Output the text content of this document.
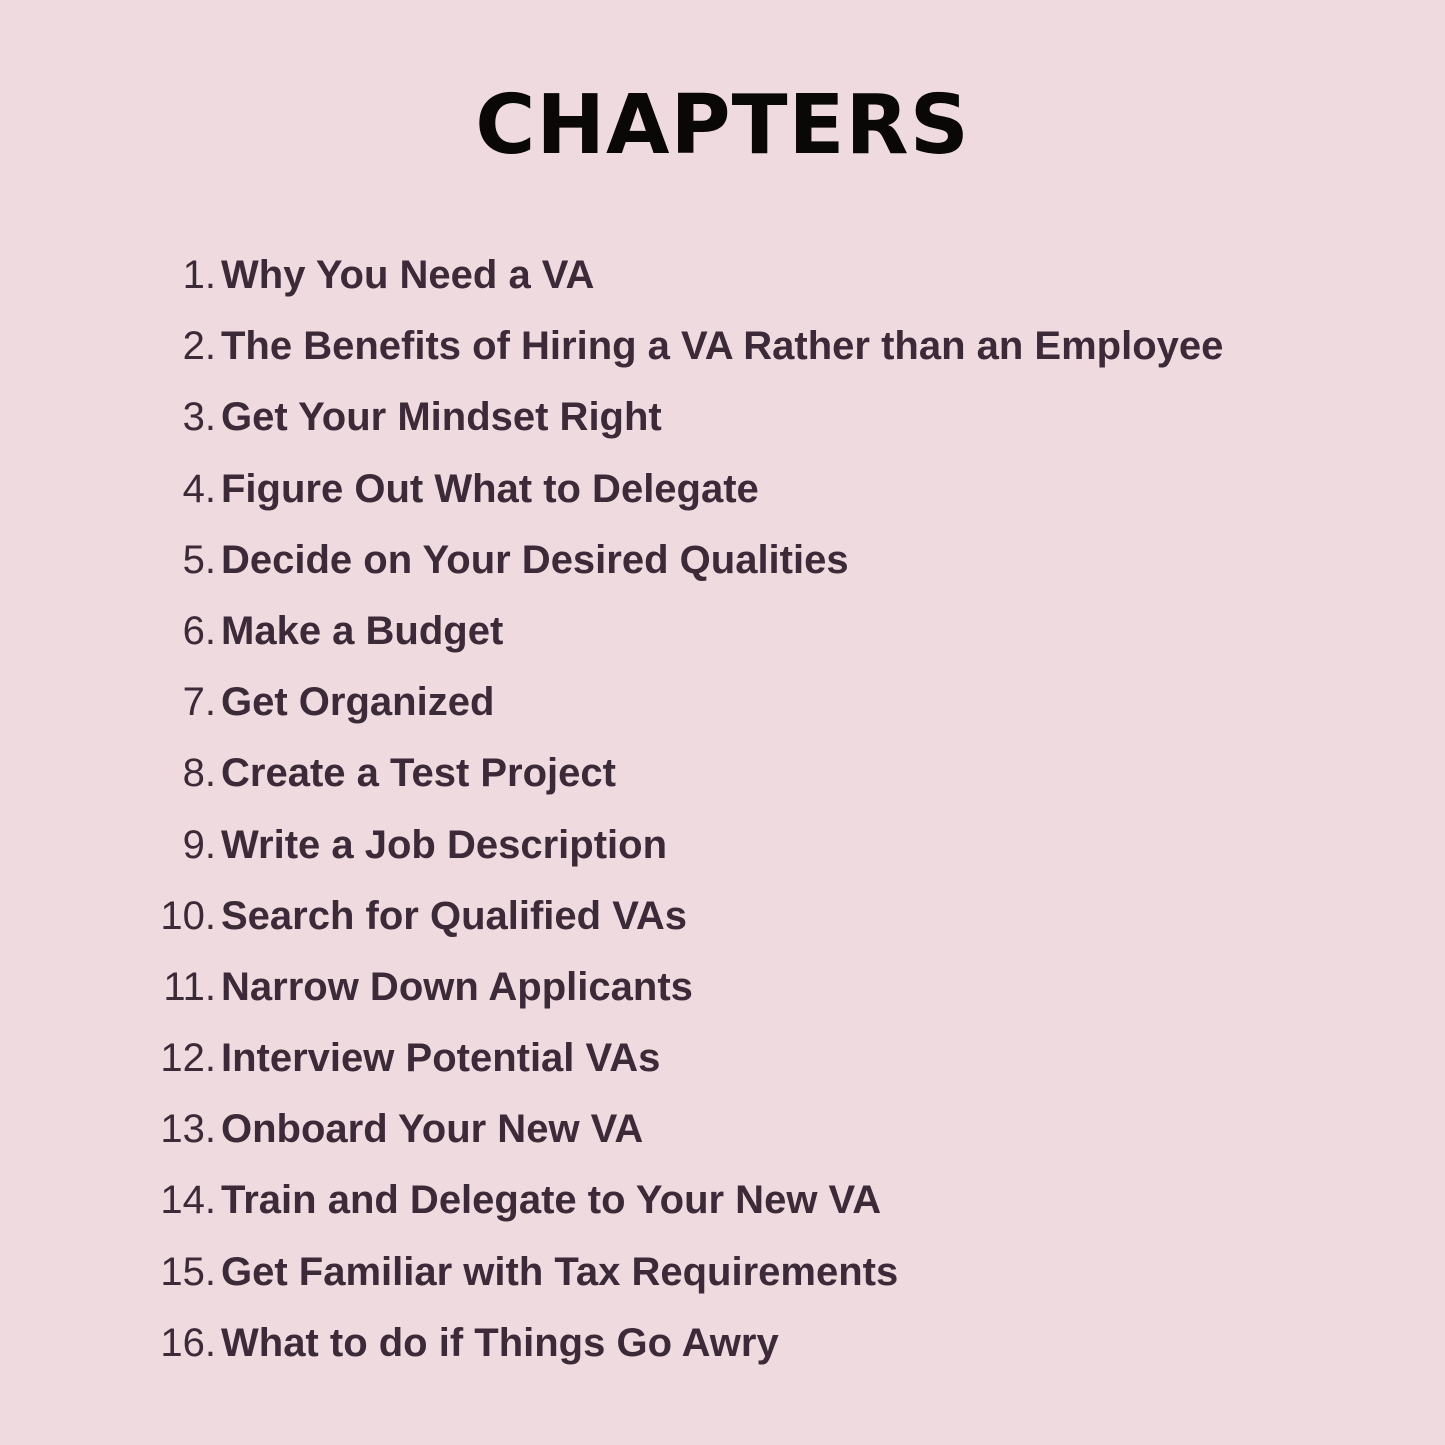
CHAPTERS
1. Why You Need a VA
2. The Benefits of Hiring a VA Rather than an Employee
3. Get Your Mindset Right
4. Figure Out What to Delegate
5. Decide on Your Desired Qualities
6. Make a Budget
7. Get Organized
8. Create a Test Project
9. Write a Job Description
10. Search for Qualified VAs
11. Narrow Down Applicants
12. Interview Potential VAs
13. Onboard Your New VA
14. Train and Delegate to Your New VA
15. Get Familiar with Tax Requirements
16. What to do if Things Go Awry
